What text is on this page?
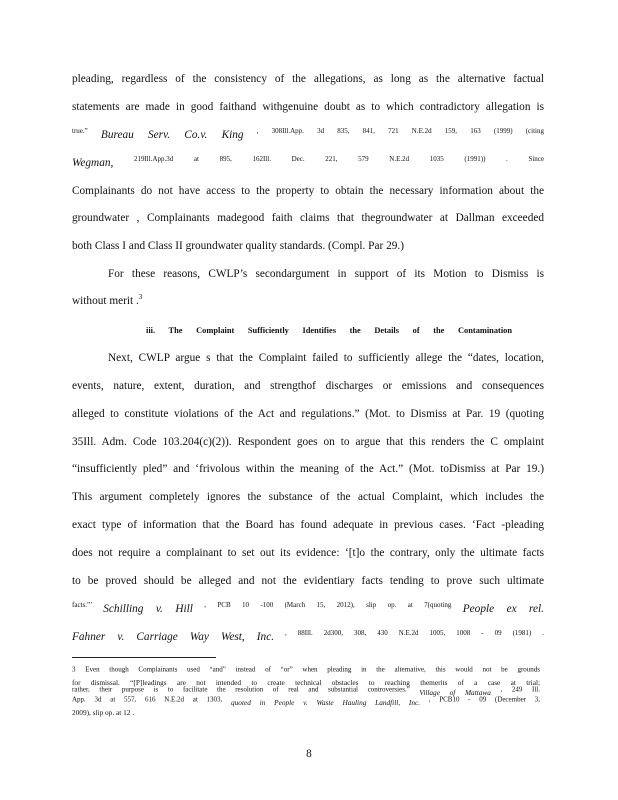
pleading, regardless of the consistency of the allegations, as long as the alternative factual
statements are made in good faithand withgenuine doubt as to which contradictory allegation is
$^{true.”}$ Bureau Serv. Co.v. King $^{, 308Ill.App. 3d 835, 841, 721 N.E.2d 159, 163 (1999) (citing}$
Wegman, $^{219Ill.App.3d at 895, 162Ill. Dec. 221, 579 N.E.2d 1035 (1991)) . Since}$
Complainants do not have access to the property to obtain the necessary information about the
groundwater , Complainants madegood faith claims that thegroundwater at Dallman exceeded
both Class I and Class II groundwater quality standards. (Compl. Par 29.)
For these reasons, CWLP’s secondargument in support of its Motion to Dismiss is
without merit .$^3$
iii. The Complaint Sufficiently Identifies the Details of the Contamination
Next, CWLP argue s that the Complaint failed to sufficiently allege the “dates, location,
events, nature, extent, duration, and strengthof discharges or emissions and consequences
alleged to constitute violations of the Act and regulations.” (Mot. to Dismiss at Par. 19 (quoting
35Ill. Adm. Code 103.204(c)(2)). Respondent goes on to argue that this renders the C omplaint
“insufficiently pled” and ‘frivolous within the meaning of the Act.” (Mot. toDismiss at Par 19.)
This argument completely ignores the substance of the actual Complaint, which includes the
exact type of information that the Board has found adequate in previous cases. ‘Fact -pleading
does not require a complainant to set out its evidence: ‘[t]o the contrary, only the ultimate facts
to be proved should be alleged and not the evidentiary facts tending to prove such ultimate
$^{facts.”’}$ Schilling v. Hill $^{, PCB 10 -100 (March 15, 2012), slip op. at 7(quoting}$ People ex rel.
Fahner v. Carriage Way West, Inc. $^{, 88Ill. 2d300, 308, 430 N.E.2d 1005, 1008 - 09 (1981) .}$
$^3$ $^{Even though Complainants used “and” instead of “or” when pleading in the alternative, this would not be grounds}$
for dismissal. “[P]leadings are not intended to create technical obstacles to reaching themerits of a case at trial;
$^{rather, their purpose is to facilitate the resolution of real and substantial controversies.”}$ Village of Mattawa $^{, 249 Ill.}$
$^{App. 3d at 557, 616 N.E.2d at 1303,}$ quoted in People v. Waste Hauling Landfill, Inc. $^{, PCB10 - 09 (December 3,}$
2009), slip op. at 12 .
8
